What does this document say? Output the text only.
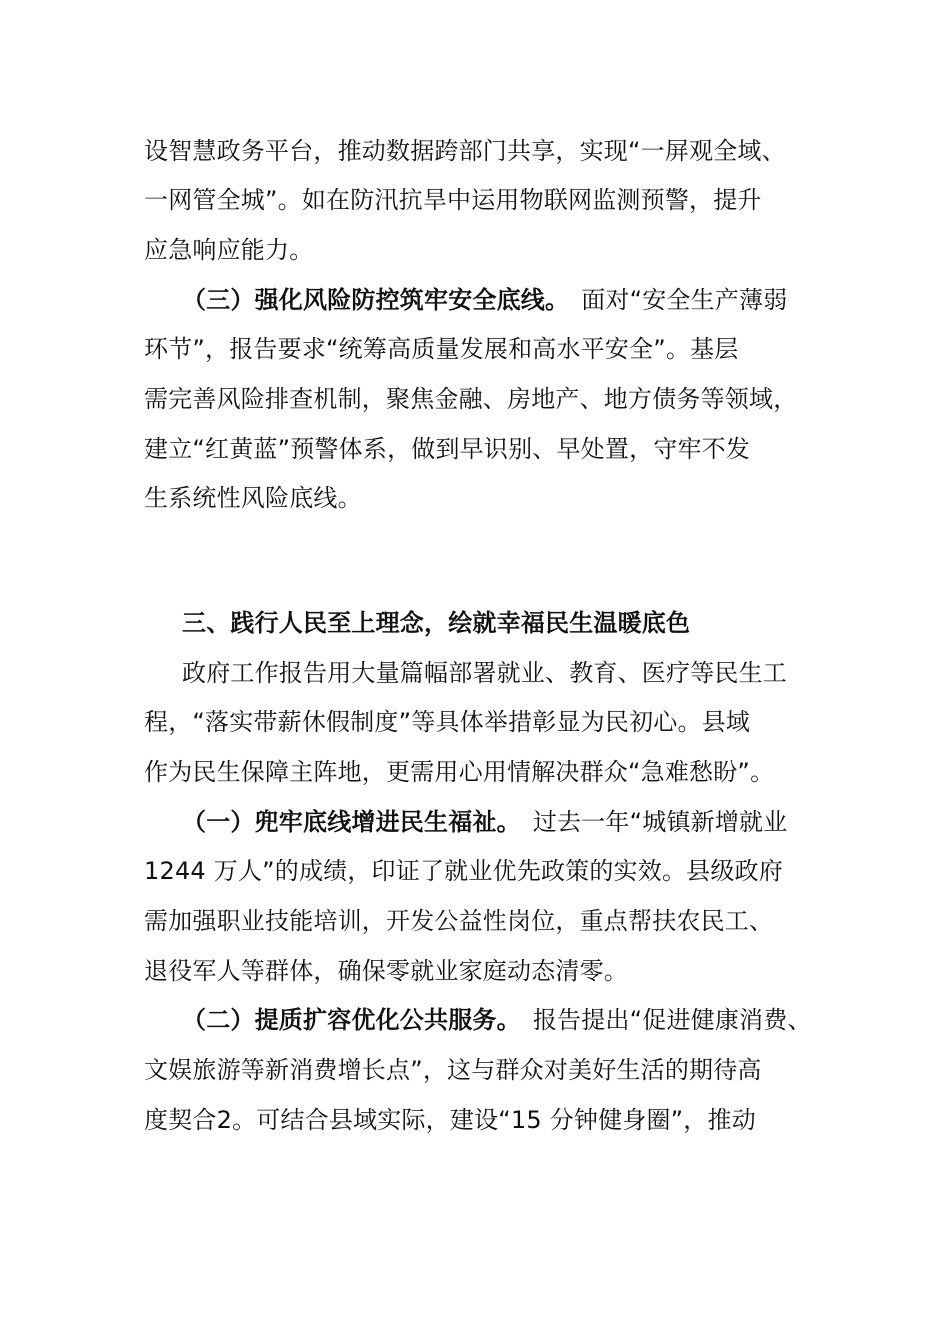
设智慧政务平台，推动数据跨部门共享，实现“一屏观全域、
一网管全城”。如在防汛抗旱中运用物联网监测预警，提升
应急响应能力。
（三）强化风险防控筑牢安全底线。 面对“安全生产薄弱
环节”，报告要求“统筹高质量发展和高水平安全”。基层
需完善风险排查机制，聚焦金融、房地产、地方债务等领域，
建立“红黄蓝”预警体系，做到早识别、早处置，守牢不发
生系统性风险底线。
三、践行人民至上理念，绘就幸福民生温暖底色
政府工作报告用大量篇幅部署就业、教育、医疗等民生工
程，“落实带薪休假制度”等具体举措彰显为民初心。县域
作为民生保障主阵地，更需用心用情解决群众“急难愁盼”。
（一）兜牢底线增进民生福祉。 过去一年“城镇新增就业
1244 万人”的成绩，印证了就业优先政策的实效。县级政府
需加强职业技能培训，开发公益性岗位，重点帮扶农民工、
退役军人等群体，确保零就业家庭动态清零。
（二）提质扩容优化公共服务。 报告提出“促进健康消费、
文娱旅游等新消费增长点”，这与群众对美好生活的期待高
度契合2。可结合县域实际，建设“15 分钟健身圈”，推动
